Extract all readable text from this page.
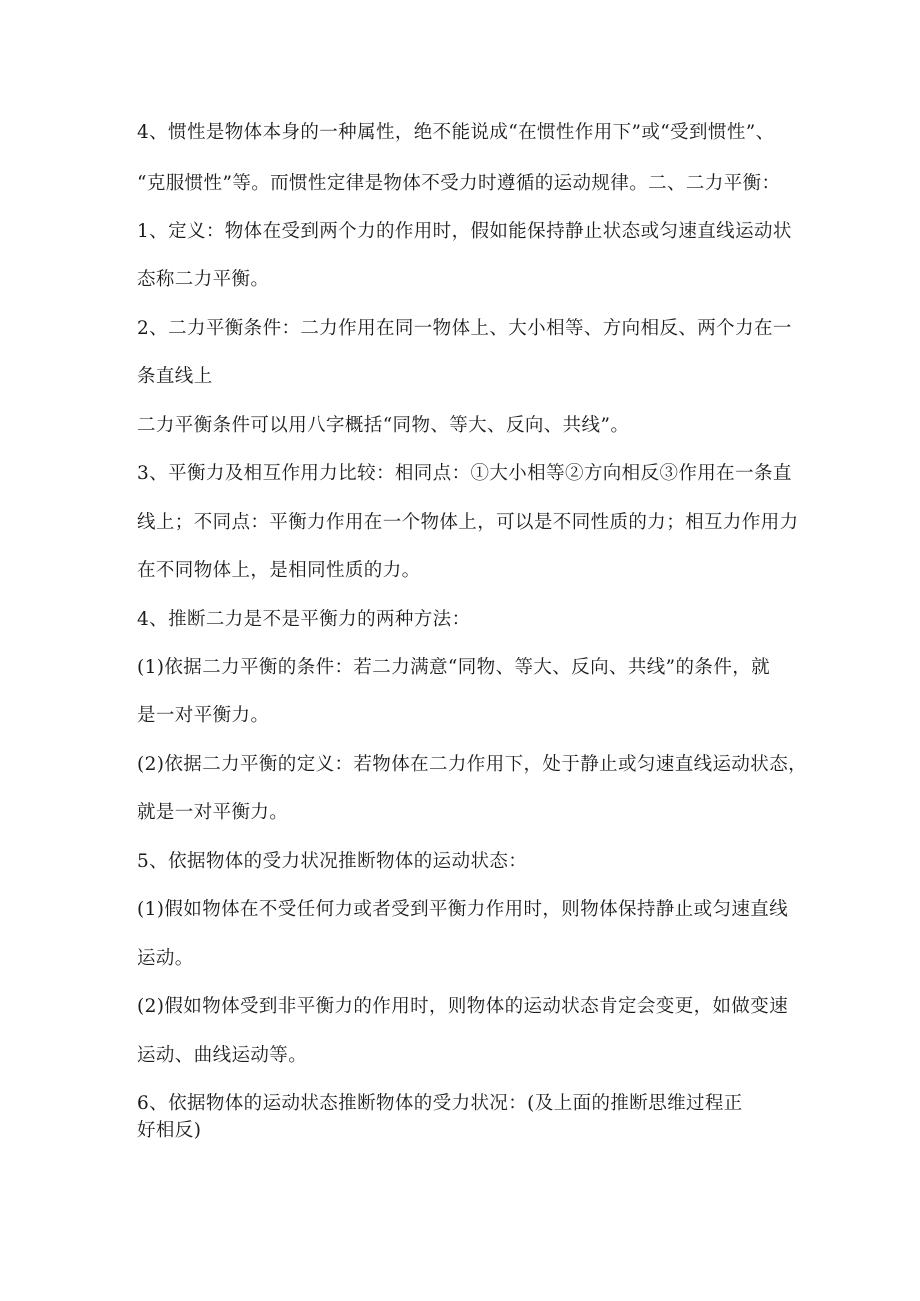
4、惯性是物体本身的一种属性，绝不能说成“在惯性作用下”或“受到惯性”、
“克服惯性”等。而惯性定律是物体不受力时遵循的运动规律。二、二力平衡：
1、定义：物体在受到两个力的作用时，假如能保持静止状态或匀速直线运动状
态称二力平衡。
2、二力平衡条件：二力作用在同一物体上、大小相等、方向相反、两个力在一
条直线上
二力平衡条件可以用八字概括“同物、等大、反向、共线”。
3、平衡力及相互作用力比较：相同点：①大小相等②方向相反③作用在一条直
线上；不同点：平衡力作用在一个物体上，可以是不同性质的力；相互力作用力
在不同物体上，是相同性质的力。
4、推断二力是不是平衡力的两种方法：
(1)依据二力平衡的条件：若二力满意“同物、等大、反向、共线”的条件，就
是一对平衡力。
(2)依据二力平衡的定义：若物体在二力作用下，处于静止或匀速直线运动状态，
就是一对平衡力。
5、依据物体的受力状况推断物体的运动状态：
(1)假如物体在不受任何力或者受到平衡力作用时，则物体保持静止或匀速直线
运动。
(2)假如物体受到非平衡力的作用时，则物体的运动状态肯定会变更，如做变速
运动、曲线运动等。
6、依据物体的运动状态推断物体的受力状况：(及上面的推断思维过程正
好相反)
